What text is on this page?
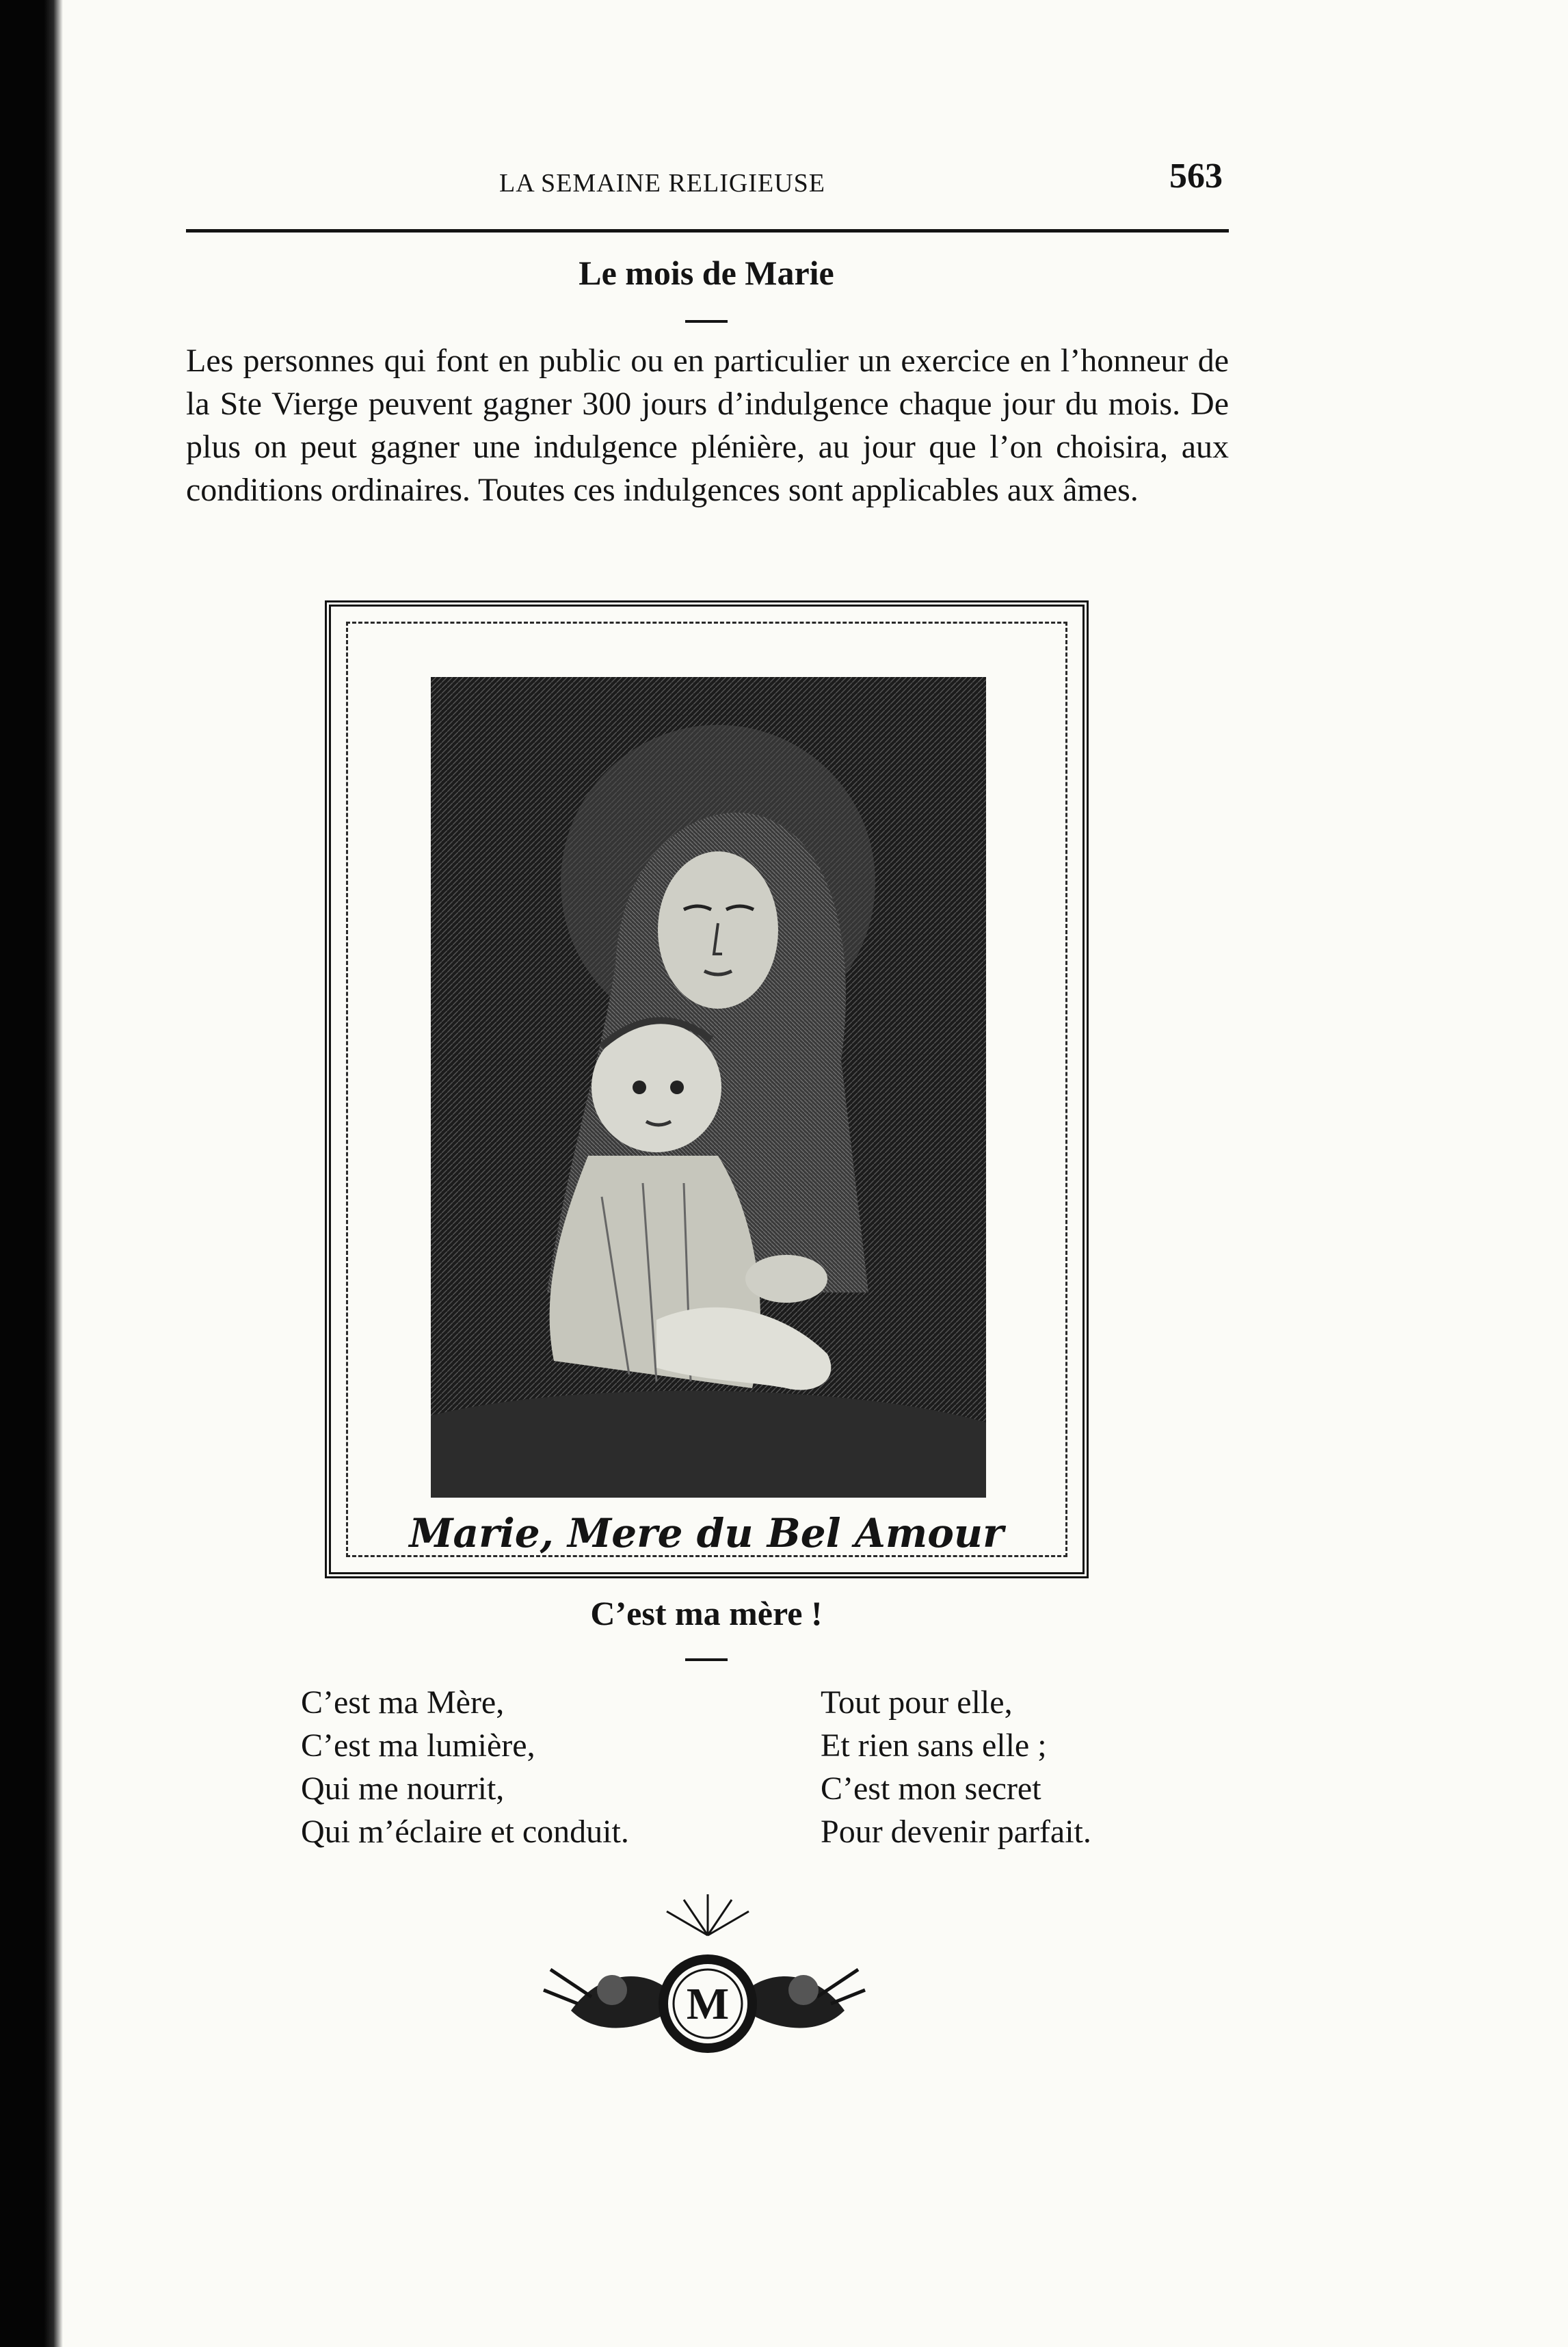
LA SEMAINE RELIGIEUSE	563
Le mois de Marie
Les personnes qui font en public ou en particulier un exercice en l’honneur de la Ste Vierge peuvent gagner 300 jours d’indulgence chaque jour du mois. De plus on peut gagner une indulgence plénière, au jour que l’on choisira, aux conditions ordinaires. Toutes ces indulgences sont applicables aux âmes.
Marie, Mere du Bel Amour
C’est ma mère !
C’est ma Mère,
C’est ma lumière,
Qui me nourrit,
Qui m’éclaire et conduit.
Tout pour elle,
Et rien sans elle ;
C’est mon secret
Pour devenir parfait.
M
